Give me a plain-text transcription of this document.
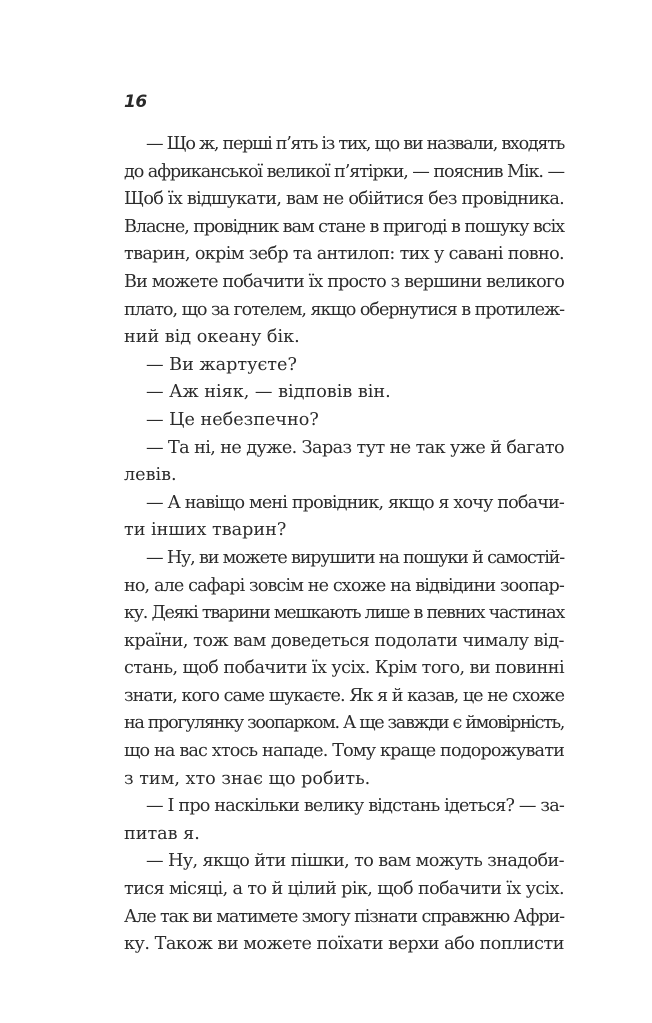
16
— Що ж, перші п’ять із тих, що ви назвали, входять
до африканської великої п’ятірки, — пояснив Мік. —
Щоб їх відшукати, вам не обійтися без провідника.
Власне, провідник вам стане в пригоді в пошуку всіх
тварин, окрім зебр та антилоп: тих у савані повно.
Ви можете побачити їх просто з вершини великого
плато, що за готелем, якщо обернутися в протилеж-
ний від океану бік.
— Ви жартуєте?
— Аж ніяк, — відповів він.
— Це небезпечно?
— Та ні, не дуже. Зараз тут не так уже й багато
левів.
— А навіщо мені провідник, якщо я хочу побачи-
ти інших тварин?
— Ну, ви можете вирушити на пошуки й самостій-
но, але сафарі зовсім не схоже на відвідини зоопар-
ку. Деякі тварини мешкають лише в певних частинах
країни, тож вам доведеться подолати чималу від-
стань, щоб побачити їх усіх. Крім того, ви повинні
знати, кого саме шукаєте. Як я й казав, це не схоже
на прогулянку зоопарком. А ще завжди є ймовірність,
що на вас хтось нападе. Тому краще подорожувати
з тим, хто знає що робить.
— І про наскільки велику відстань ідеться? — за-
питав я.
— Ну, якщо йти пішки, то вам можуть знадоби-
тися місяці, а то й цілий рік, щоб побачити їх усіх.
Але так ви матимете змогу пізнати справжню Афри-
ку. Також ви можете поїхати верхи або поплисти
